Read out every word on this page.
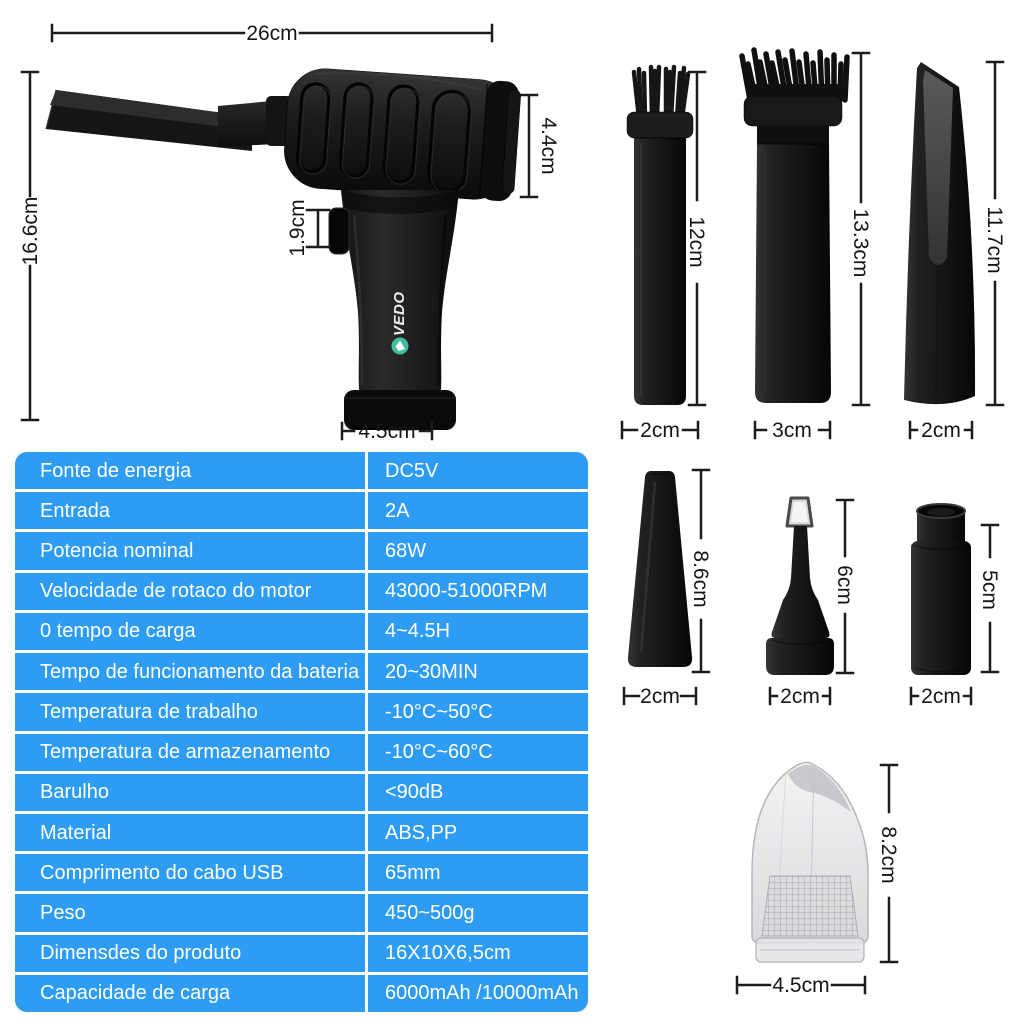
VEDO
26cm
16.6cm
4.4cm
1.9cm
4.5cm
12cm
2cm
13.3cm
3cm
11.7cm
2cm
8.6cm
2cm
6cm
2cm
5cm
2cm
8.2cm
4.5cm
Fonte de energia	DC5V
Entrada	2A
Potencia nominal	68W
Velocidade de rotaco do motor	43000-51000RPM
0 tempo de carga	4~4.5H
Tempo de funcionamento da bateria	20~30MIN
Temperatura de trabalho	-10°C~50°C
Temperatura de armazenamento	-10°C~60°C
Barulho	<90dB
Material	ABS,PP
Comprimento do cabo USB	65mm
Peso	450~500g
Dimensdes do produto	16X10X6,5cm
Capacidade de carga	6000mAh /10000mAh
